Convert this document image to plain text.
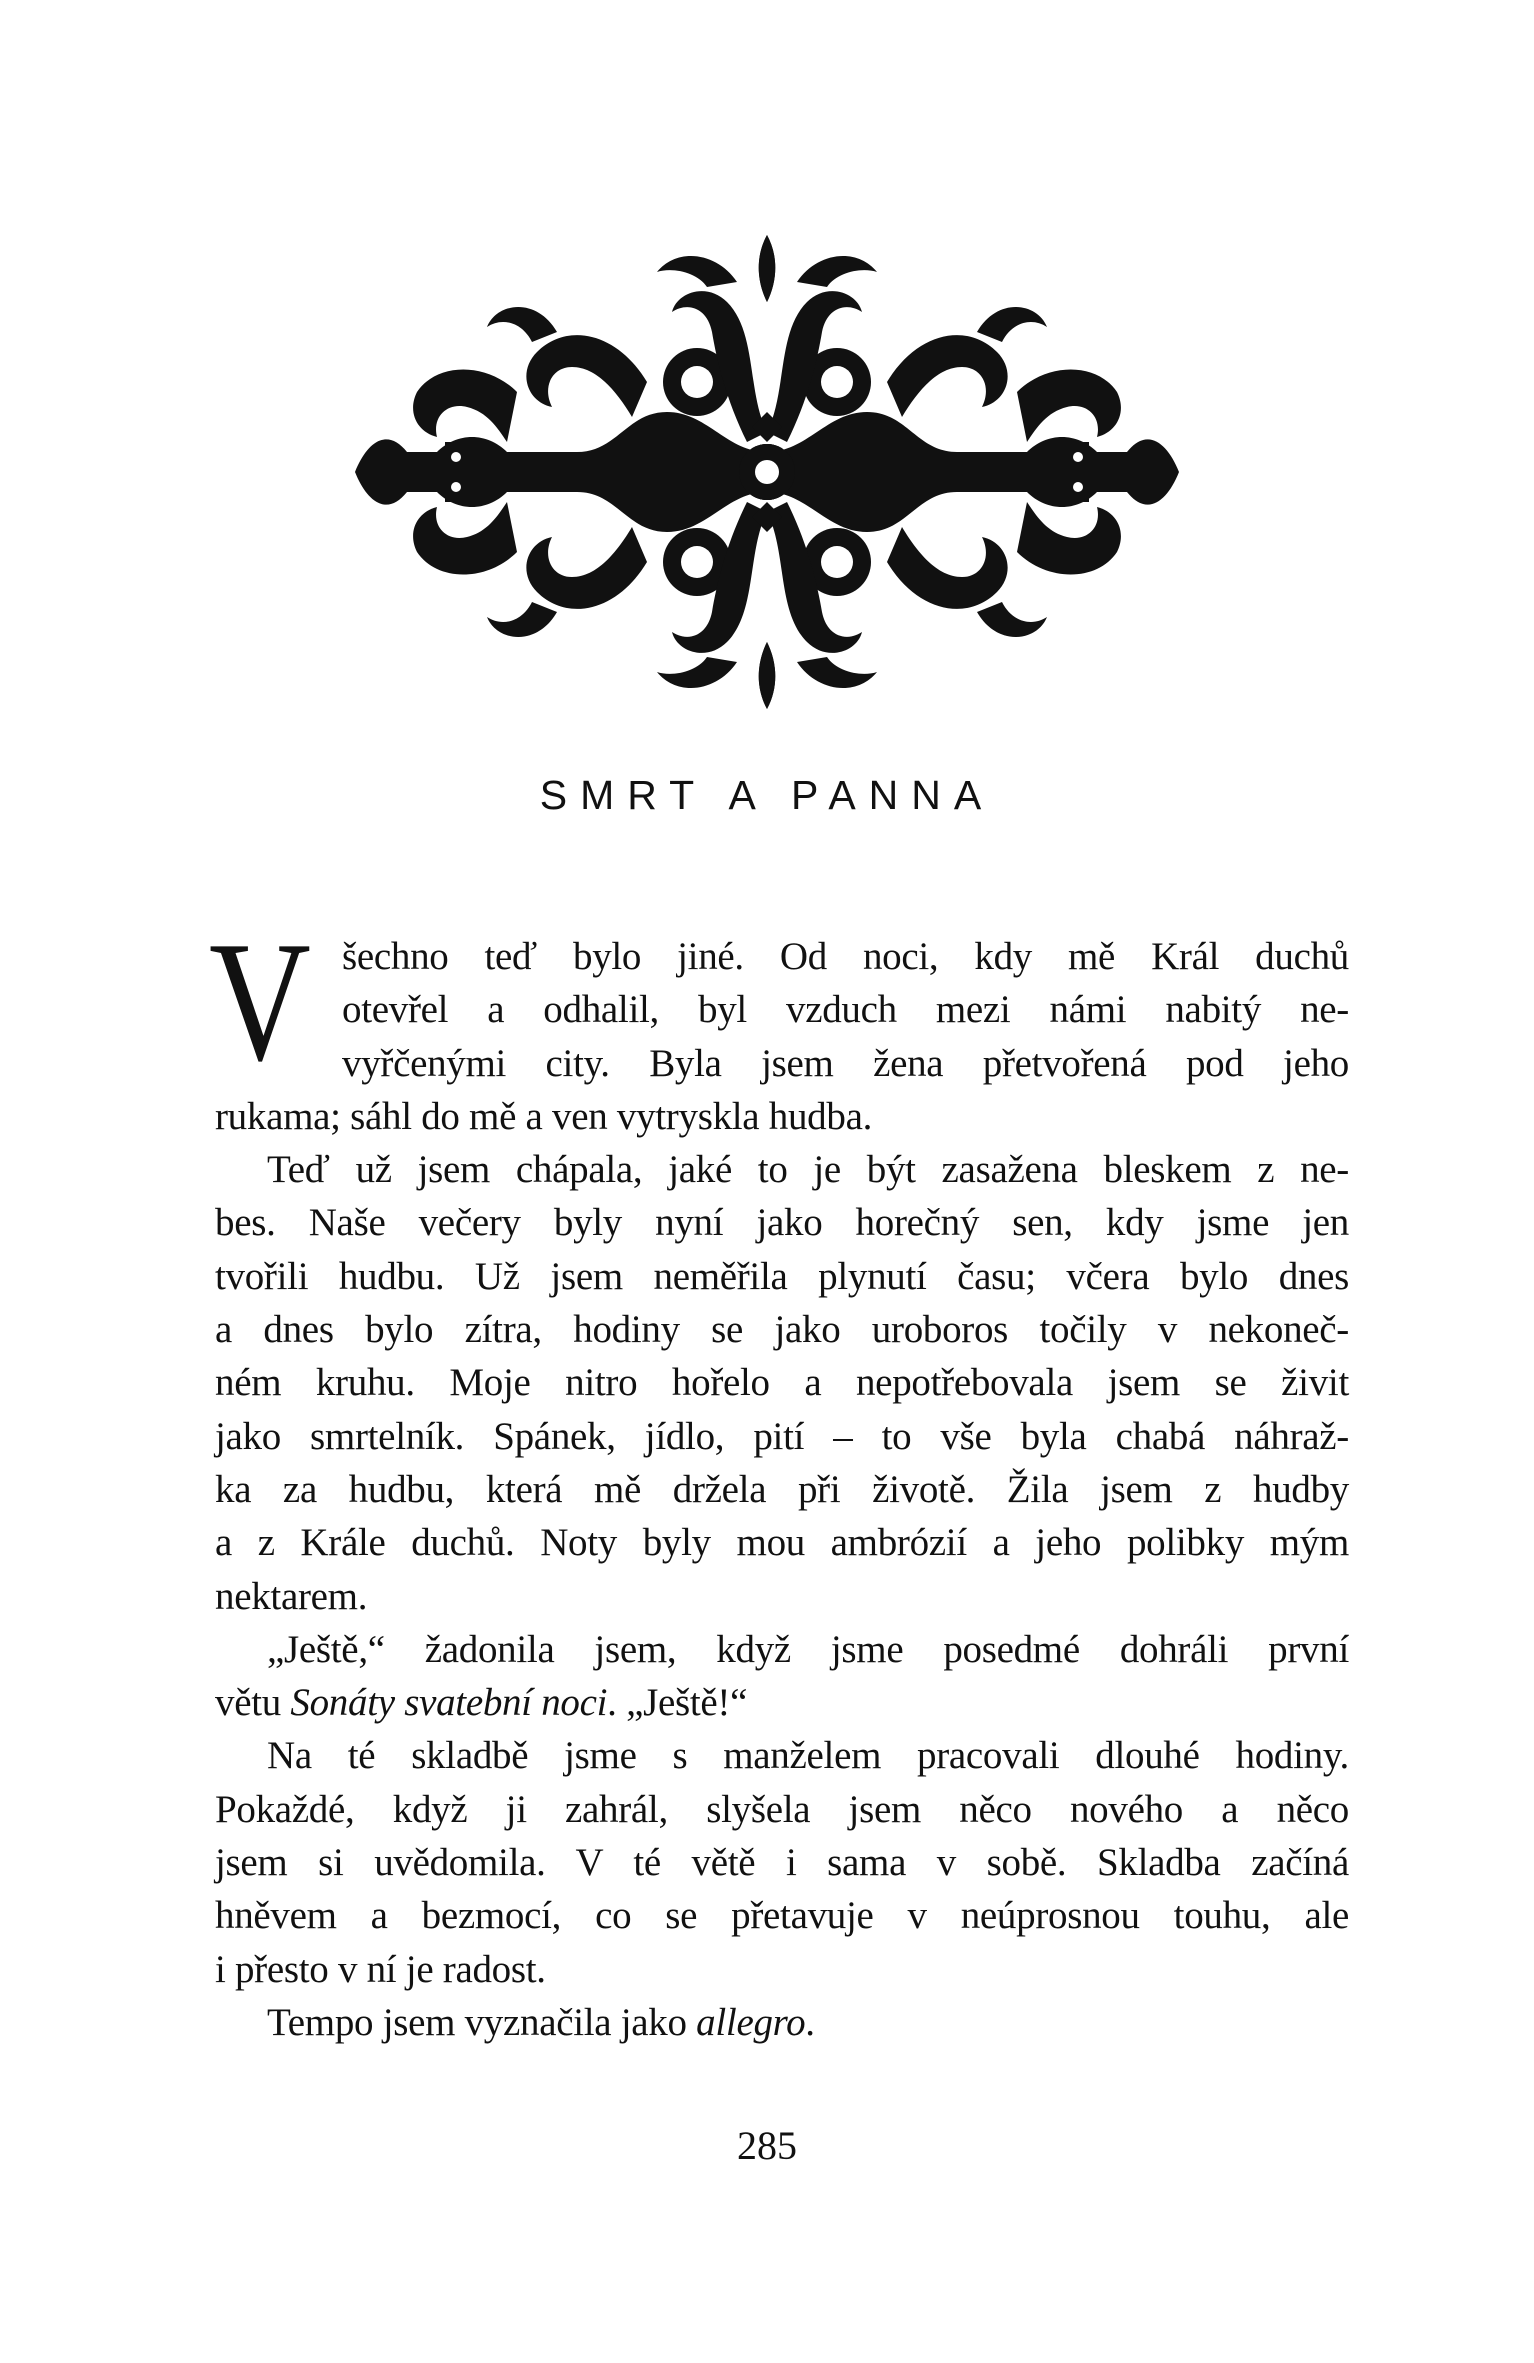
SMRT A PANNA
V šechno teď bylo jiné. Od noci, kdy mě Král duchů
otevřel a odhalil, byl vzduch mezi námi nabitý ne-
vyřčenými city. Byla jsem žena přetvořená pod jeho
rukama; sáhl do mě a ven vytryskla hudba.
Teď už jsem chápala, jaké to je být zasažena bleskem z ne-
bes. Naše večery byly nyní jako horečný sen, kdy jsme jen
tvořili hudbu. Už jsem neměřila plynutí času; včera bylo dnes
a dnes bylo zítra, hodiny se jako uroboros točily v nekoneč-
ném kruhu. Moje nitro hořelo a nepotřebovala jsem se živit
jako smrtelník. Spánek, jídlo, pití – to vše byla chabá náhraž-
ka za hudbu, která mě držela při životě. Žila jsem z hudby
a z Krále duchů. Noty byly mou ambrózií a jeho polibky mým
nektarem.
„Ještě,“ žadonila jsem, když jsme posedmé dohráli první
větu Sonáty svatební noci. „Ještě!“
Na té skladbě jsme s manželem pracovali dlouhé hodiny.
Pokaždé, když ji zahrál, slyšela jsem něco nového a něco
jsem si uvědomila. V té větě i sama v sobě. Skladba začíná
hněvem a bezmocí, co se přetavuje v neúprosnou touhu, ale
i přesto v ní je radost.
Tempo jsem vyznačila jako allegro.
285
